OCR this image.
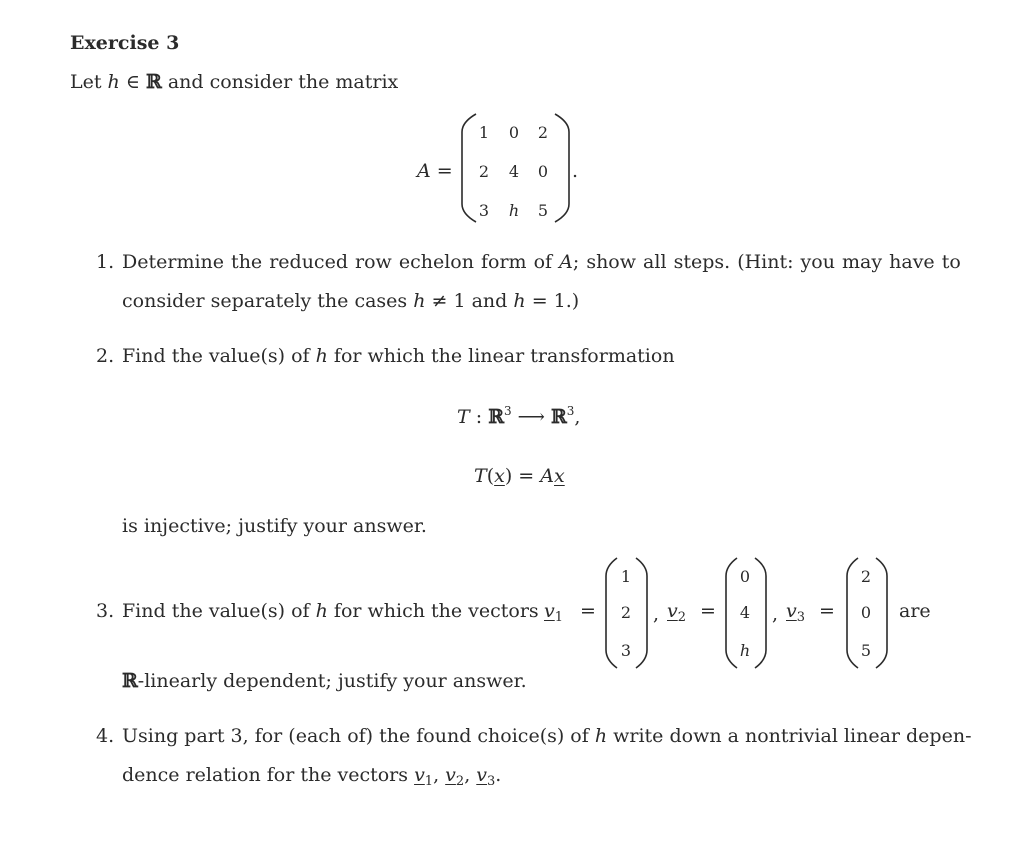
Exercise 3
Let h ∈ ℝ and consider the matrix
A =
1	0	2
2	4	0
3	h	5
.
1. Determine the reduced row echelon form of A; show all steps. (Hint: you may have to
consider separately the cases h ≠ 1 and h = 1.)
2. Find the value(s) of h for which the linear transformation
T : ℝ$^3$ ⟶ ℝ$^3$,
T(x) = Ax
is injective; justify your answer.
3. Find the value(s) of h for which the vectors $v_1$ =
1
2
3
, $v_2$ =
0
4
h
, $v_3$ =
2
0
5
are
ℝ-linearly dependent; justify your answer.
4. Using part 3, for (each of) the found choice(s) of h write down a nontrivial linear depen-
dence relation for the vectors $v_1$, $v_2$, $v_3$.
